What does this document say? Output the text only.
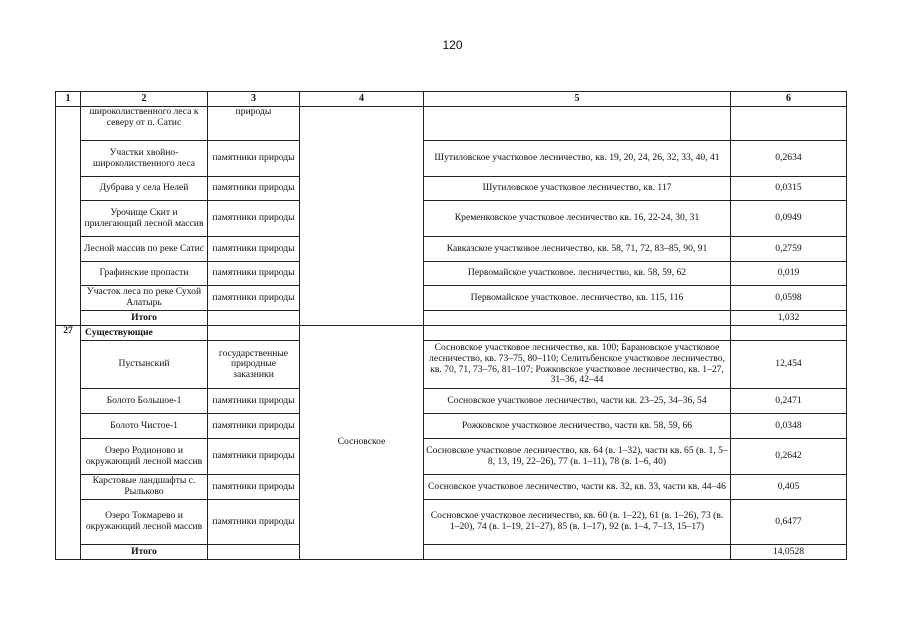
120
1	2	3	4	5	6
	широколиственного леса к северу от п. Сатис	природы			
	Участки хвойно-широколиственного леса	памятники природы		Шутиловское участковое лесничество, кв. 19, 20, 24, 26, 32, 33, 40, 41	0,2634
	Дубрава у села Нелей	памятники природы		Шутиловское участковое лесничество, кв. 117	0,0315
	Урочище Скит и прилегающий лесной массив	памятники природы		Кременковское участковое лесничество кв. 16, 22-24, 30, 31	0,0949
	Лесной массив по реке Сатис	памятники природы		Кавказское участковое лесничество, кв. 58, 71, 72, 83–85, 90, 91	0,2759
	Графинские пропасти	памятники природы		Первомайское участковое. лесничество, кв. 58, 59, 62	0,019
	Участок леса по реке Сухой Алатырь	памятники природы		Первомайское участковое. лесничество, кв. 115, 116	0,0598
	Итого				1,032
27	Существующие		Сосновское		
	Пустынский	государственные природные заказники		Сосновское участковое лесничество, кв. 100; Барановское участковое лесничество, кв. 73–75, 80–110; Селитьбенское участковое лесничество, кв. 70, 71, 73–76, 81–107; Рожковское участковое лесничество, кв. 1–27, 31–36, 42–44	12,454
	Болото Большое-1	памятники природы		Сосновское участковое лесничество, части кв. 23–25, 34–36, 54	0,2471
	Болото Чистое-1	памятники природы		Рожковское участковое лесничество, части кв. 58, 59, 66	0,0348
	Озеро Родионово и окружающий лесной массив	памятники природы		Сосновское участковое лесничество, кв. 64 (в. 1–32), части кв. 65 (в. 1, 5–8, 13, 19, 22–26), 77 (в. 1–11), 78 (в. 1–6, 40)	0,2642
	Карстовые ландшафты с. Рыльково	памятники природы		Сосновское участковое лесничество, части кв. 32, кв. 33, части кв. 44–46	0,405
	Озеро Токмарево и окружающий лесной массив	памятники природы		Сосновское участковое лесничество, кв. 60 (в. 1–22), 61 (в. 1–26), 73 (в. 1–20), 74 (в. 1–19, 21–27), 85 (в. 1–17), 92 (в. 1–4, 7–13, 15–17)	0,6477
	Итого				14,0528
